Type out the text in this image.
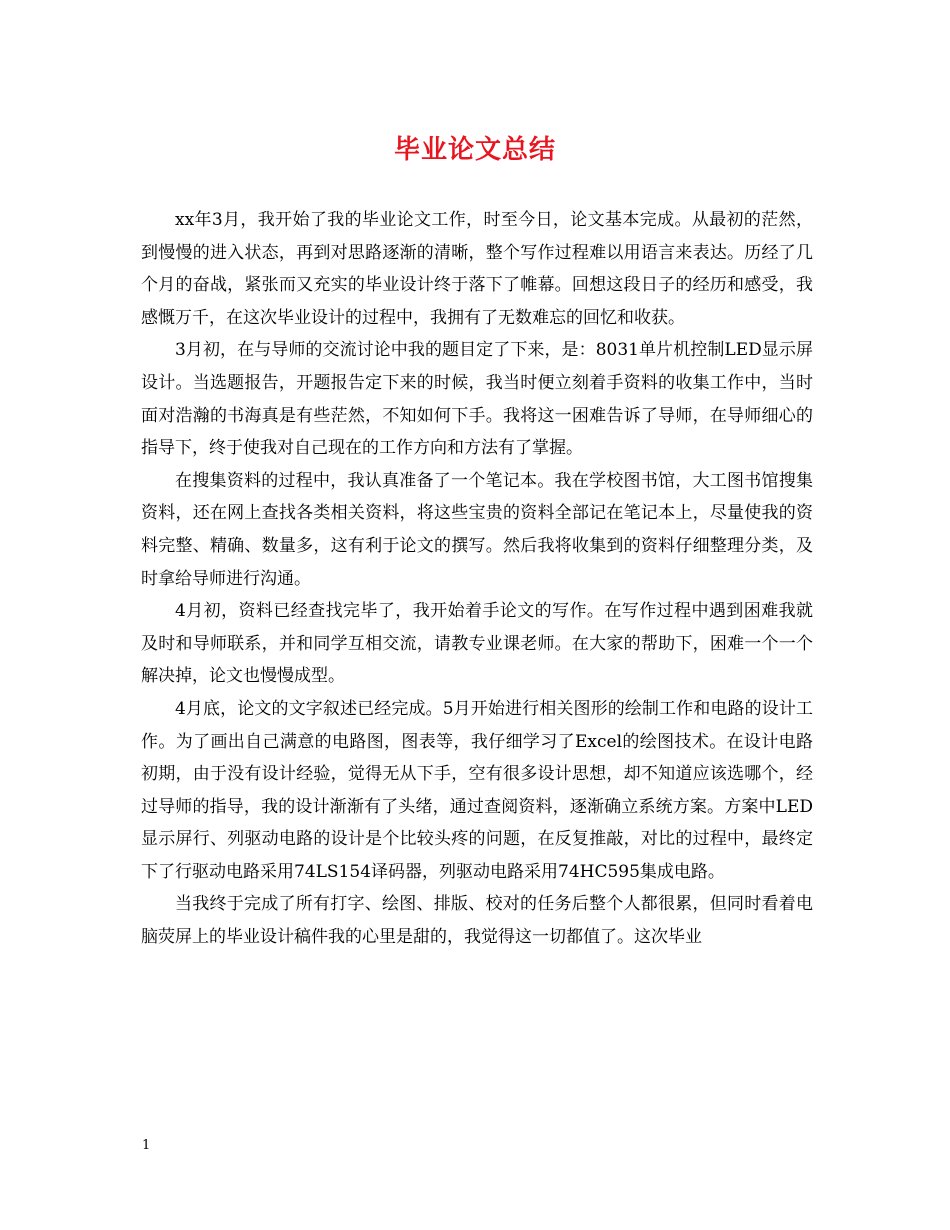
毕业论文总结

xx年3月，我开始了我的毕业论文工作，时至今日，论文基本完成。从最初的茫然，到慢慢的进入状态，再到对思路逐渐的清晰，整个写作过程难以用语言来表达。历经了几个月的奋战，紧张而又充实的毕业设计终于落下了帷幕。回想这段日子的经历和感受，我感慨万千，在这次毕业设计的过程中，我拥有了无数难忘的回忆和收获。

3月初，在与导师的交流讨论中我的题目定了下来，是：8031单片机控制LED显示屏设计。当选题报告，开题报告定下来的时候，我当时便立刻着手资料的收集工作中，当时面对浩瀚的书海真是有些茫然，不知如何下手。我将这一困难告诉了导师，在导师细心的指导下，终于使我对自己现在的工作方向和方法有了掌握。

在搜集资料的过程中，我认真准备了一个笔记本。我在学校图书馆，大工图书馆搜集资料，还在网上查找各类相关资料，将这些宝贵的资料全部记在笔记本上，尽量使我的资料完整、精确、数量多，这有利于论文的撰写。然后我将收集到的资料仔细整理分类，及时拿给导师进行沟通。

4月初，资料已经查找完毕了，我开始着手论文的写作。在写作过程中遇到困难我就及时和导师联系，并和同学互相交流，请教专业课老师。在大家的帮助下，困难一个一个解决掉，论文也慢慢成型。

4月底，论文的文字叙述已经完成。5月开始进行相关图形的绘制工作和电路的设计工作。为了画出自己满意的电路图，图表等，我仔细学习了Excel的绘图技术。在设计电路初期，由于没有设计经验，觉得无从下手，空有很多设计思想，却不知道应该选哪个，经过导师的指导，我的设计渐渐有了头绪，通过查阅资料，逐渐确立系统方案。方案中LED显示屏行、列驱动电路的设计是个比较头疼的问题，在反复推敲，对比的过程中，最终定下了行驱动电路采用74LS154译码器，列驱动电路采用74HC595集成电路。

当我终于完成了所有打字、绘图、排版、校对的任务后整个人都很累，但同时看着电脑荧屏上的毕业设计稿件我的心里是甜的，我觉得这一切都值了。这次毕业

1
